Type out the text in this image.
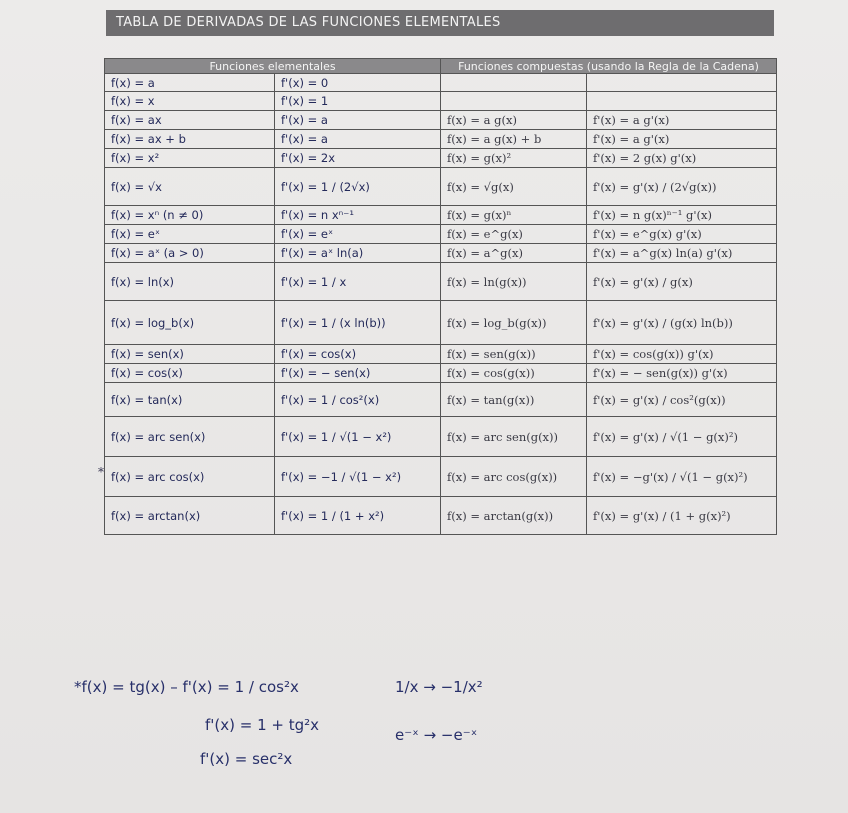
TABLA DE DERIVADAS DE LAS FUNCIONES ELEMENTALES
Funciones elementales		Funciones compuestas (usando la Regla de la Cadena)	
f(x) = a	f'(x) = 0		
f(x) = x	f'(x) = 1		
f(x) = ax	f'(x) = a	f(x) = a g(x)	f'(x) = a g'(x)
f(x) = ax + b	f'(x) = a	f(x) = a g(x) + b	f'(x) = a g'(x)
f(x) = x²	f'(x) = 2x	f(x) = g(x)²	f'(x) = 2 g(x) g'(x)
f(x) = √x	f'(x) = 1 / (2√x)	f(x) = √g(x)	f'(x) = g'(x) / (2√g(x))
f(x) = xⁿ (n ≠ 0)	f'(x) = n xⁿ⁻¹	f(x) = g(x)ⁿ	f'(x) = n g(x)ⁿ⁻¹ g'(x)
f(x) = eˣ	f'(x) = eˣ	f(x) = e^g(x)	f'(x) = e^g(x) g'(x)
f(x) = aˣ (a > 0)	f'(x) = aˣ ln(a)	f(x) = a^g(x)	f'(x) = a^g(x) ln(a) g'(x)
f(x) = ln(x)	f'(x) = 1 / x	f(x) = ln(g(x))	f'(x) = g'(x) / g(x)
f(x) = log_b(x)	f'(x) = 1 / (x ln(b))	f(x) = log_b(g(x))	f'(x) = g'(x) / (g(x) ln(b))
f(x) = sen(x)	f'(x) = cos(x)	f(x) = sen(g(x))	f'(x) = cos(g(x)) g'(x)
f(x) = cos(x)	f'(x) = − sen(x)	f(x) = cos(g(x))	f'(x) = − sen(g(x)) g'(x)
f(x) = tan(x)	f'(x) = 1 / cos²(x)	f(x) = tan(g(x))	f'(x) = g'(x) / cos²(g(x))
f(x) = arc sen(x)	f'(x) = 1 / √(1 − x²)	f(x) = arc sen(g(x))	f'(x) = g'(x) / √(1 − g(x)²)
f(x) = arc cos(x)	f'(x) = −1 / √(1 − x²)	f(x) = arc cos(g(x))	f'(x) = −g'(x) / √(1 − g(x)²)
f(x) = arctan(x)	f'(x) = 1 / (1 + x²)	f(x) = arctan(g(x))	f'(x) = g'(x) / (1 + g(x)²)
*
*f(x) = tg(x) – f'(x) = 1 / cos²x
f'(x) = 1 + tg²x
f'(x) = sec²x
1/x → −1/x²
e⁻ˣ → −e⁻ˣ
